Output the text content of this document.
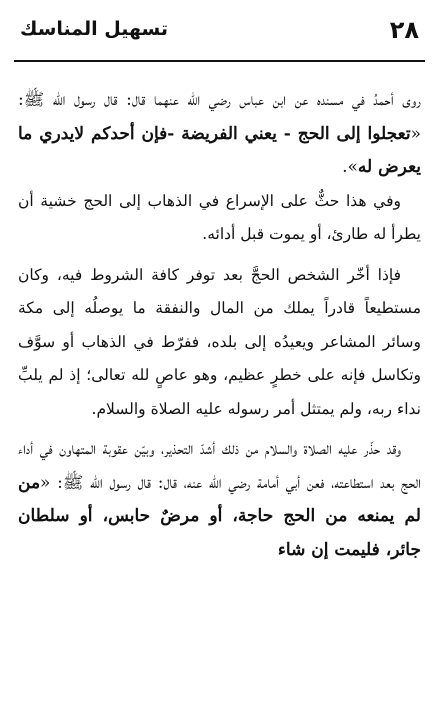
٢٨
تسهيل المناسك

روى أحمدُ في مسنده عن ابن عباس رضي الله عنهما قال: قال رسول الله ﷺ: «تعجلوا إلى الحج - يعني الفريضة -فإن أحدكم لايدري ما يعرض له».

وفي هذا حثٌّ على الإسراع في الذهاب إلى الحج خشية أن يطرأ له طارئ، أو يموت قبل أدائه.

فإذا أخّر الشخص الحجَّ بعد توفر كافة الشروط فيه، وكان مستطيعاً قادراً يملك من المال والنفقة ما يوصلُه إلى مكة وسائر المشاعر ويعيدُه إلى بلده، ففرّط في الذهاب أو سوَّف وتكاسل فإنه على خطرٍ عظيم، وهو عاصٍ لله تعالى؛ إذ لم يلبِّ نداء ربه، ولم يمتثل أمر رسوله عليه الصلاة والسلام.

وقد حذّر عليه الصلاة والسلام من ذلك أشدّ التحذير، وبيّن عقوبة المتهاون في أداء الحج بعد استطاعته، فعن أبي أمامة رضي الله عنه، قال: قال رسول الله ﷺ: «من لم يمنعه من الحج حاجة، أو مرضٌ حابس، أو سلطان جائر، فليمت إن شاء
